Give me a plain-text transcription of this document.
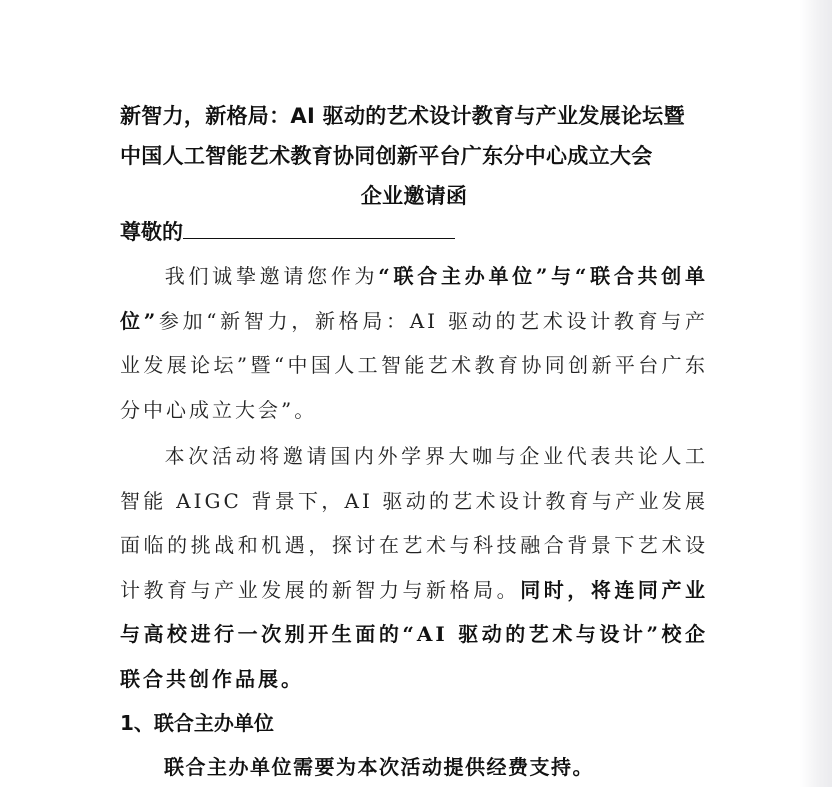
新智力，新格局：AI 驱动的艺术设计教育与产业发展论坛暨
中国人工智能艺术教育协同创新平台广东分中心成立大会
企业邀请函
尊敬的
我们诚挚邀请您作为“联合主办单位”与“联合共创单位”参加“新智力，新格局：AI 驱动的艺术设计教育与产业发展论坛”暨“中国人工智能艺术教育协同创新平台广东分中心成立大会”。
本次活动将邀请国内外学界大咖与企业代表共论人工智能 AIGC 背景下，AI 驱动的艺术设计教育与产业发展面临的挑战和机遇，探讨在艺术与科技融合背景下艺术设计教育与产业发展的新智力与新格局。同时，将连同产业与高校进行一次别开生面的“AI 驱动的艺术与设计”校企联合共创作品展。
1、联合主办单位
联合主办单位需要为本次活动提供经费支持。
